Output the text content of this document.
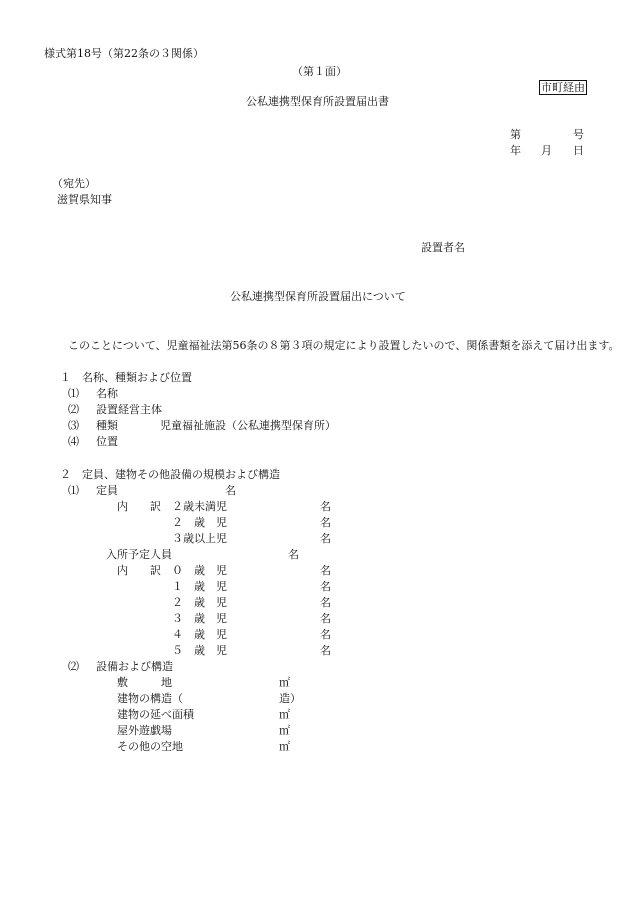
様式第18号（第22条の３関係）
（第１面）
市町経由
公私連携型保育所設置届出書
第	号
年 月 日
（宛先）
滋賀県知事
設置者名
公私連携型保育所設置届出について
このことについて、児童福祉法第56条の８第３項の規定により設置したいので、関係書類を添えて届け出ます。
１　名称、種類および位置
⑴ 名称
⑵ 設置経営主体
⑶ 種類	児童福祉施設（公私連携型保育所）
⑷ 位置
２　定員、建物その他設備の規模および構造
⑴ 定員	名
内　　訳 ２歳未満児	名
２　歳　児	名
３歳以上児	名
入所予定人員	名
内　　訳 ０　歳　児	名
１　歳　児	名
２　歳　児	名
３　歳　児	名
４　歳　児	名
５　歳　児	名
⑵ 設備および構造
敷　　　地	㎡
建物の構造（	造）
建物の延べ面積	㎡
屋外遊戯場	㎡
その他の空地	㎡
